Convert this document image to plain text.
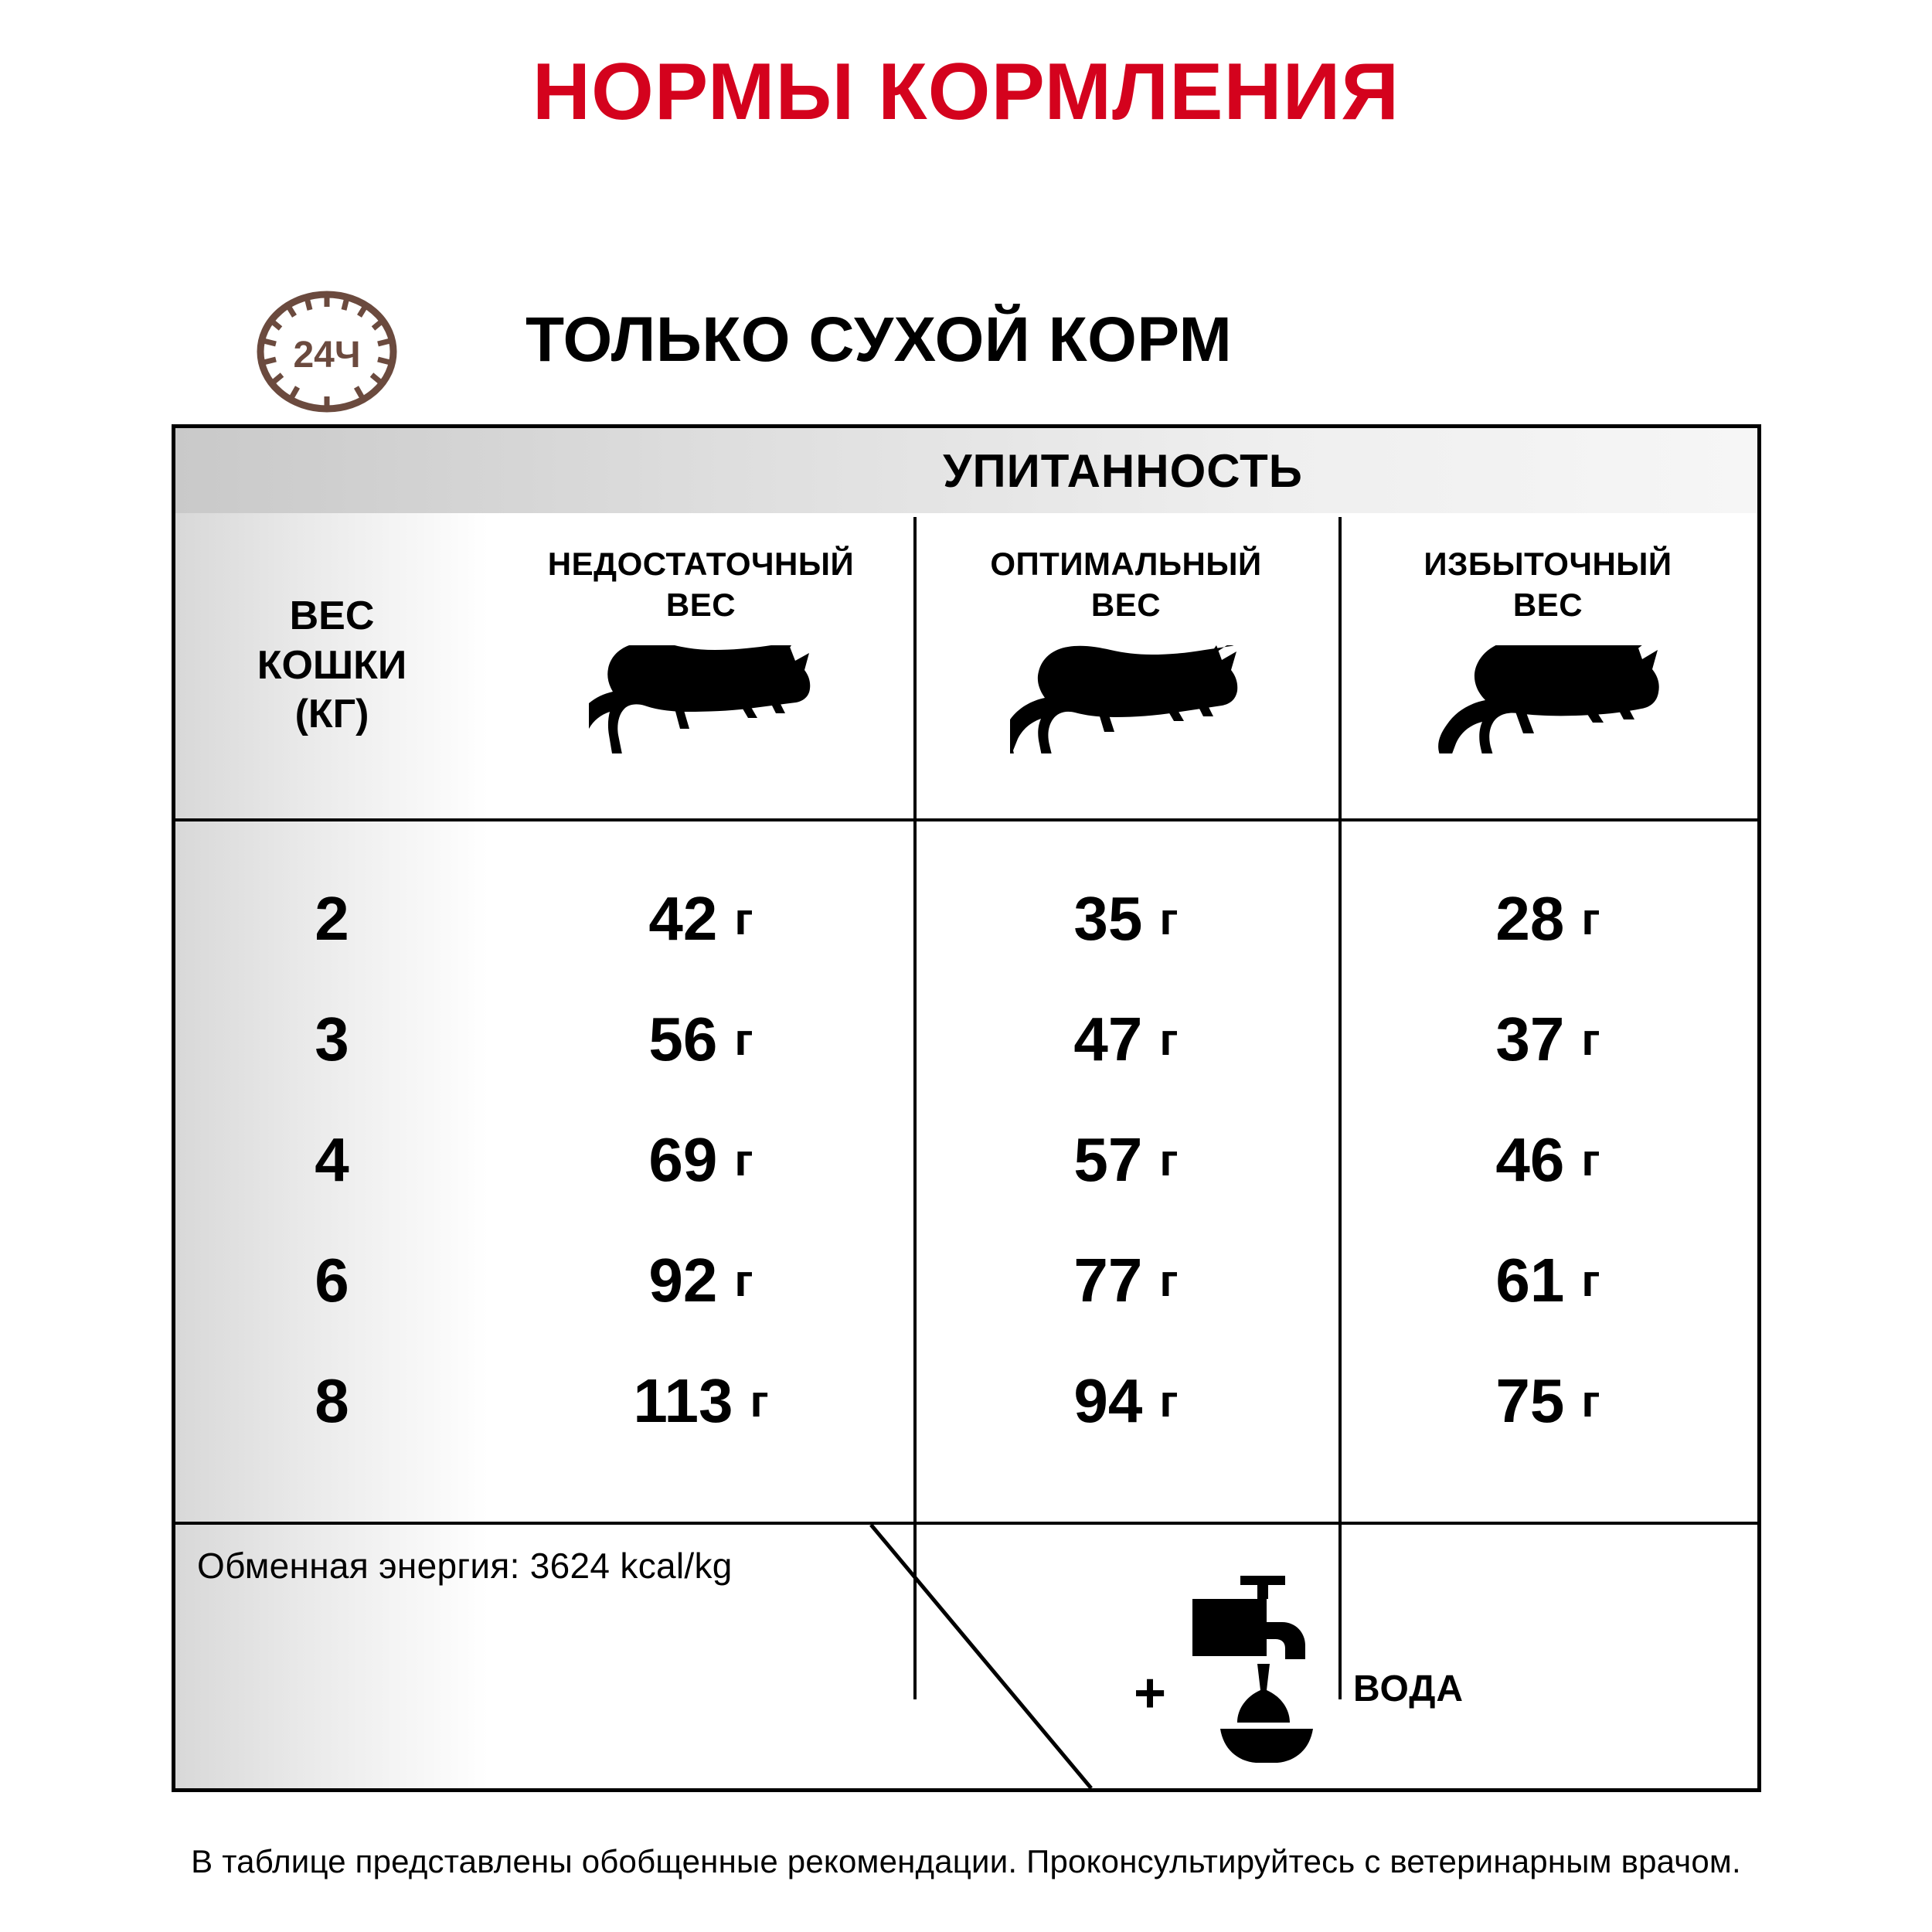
НОРМЫ КОРМЛЕНИЯ
24Ч	ТОЛЬКО СУХОЙ КОРМ
УПИТАННОСТЬ
ВЕС
КОШКИ
(КГ)
НЕДОСТАТОЧНЫЙ
ВЕС
ОПТИМАЛЬНЫЙ
ВЕС
ИЗБЫТОЧНЫЙ
ВЕС
2	42 г	35 г	28 г
3	56 г	47 г	37 г
4	69 г	57 г	46 г
6	92 г	77 г	61 г
8	113 г	94 г	75 г
Обменная энергия: 3624 kcal/kg
+	ВОДА
В таблице представлены обобщенные рекомендации. Проконсультируйтесь с ветеринарным врачом.
